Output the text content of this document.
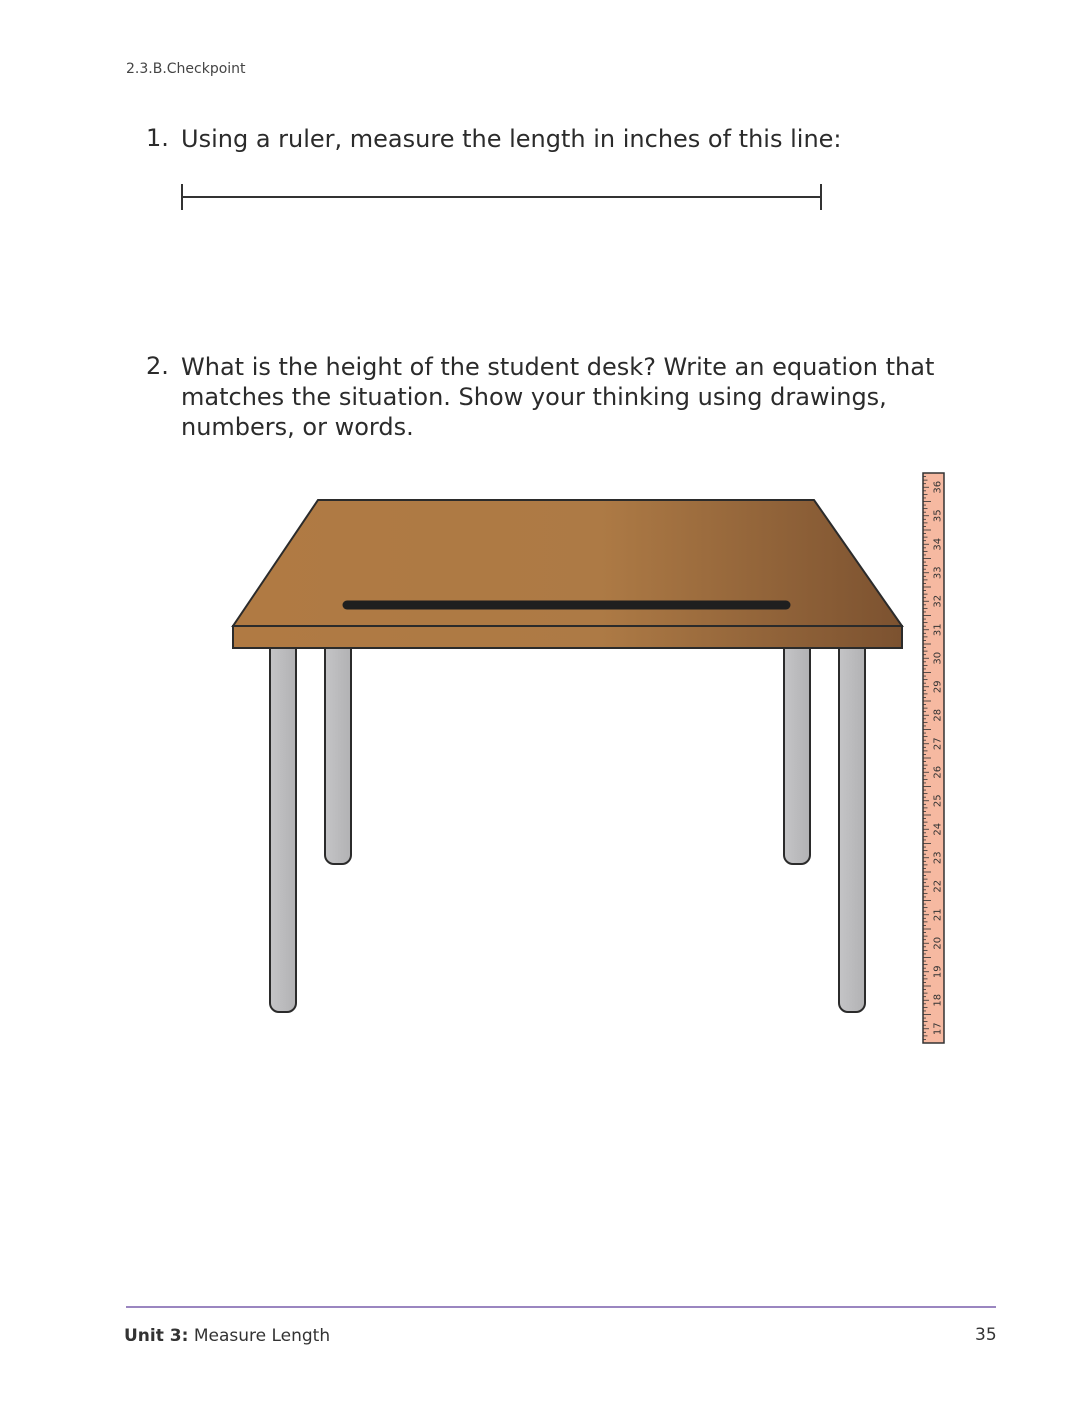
2.3.B.Checkpoint
1. Using a ruler, measure the length in inches of this line:
2. What is the height of the student desk? Write an equation that matches the situation. Show your thinking using drawings, numbers, or words.
36
35
34
33
32
31
30
29
28
27
26
25
24
23
22
21
20
19
18
17
Unit 3: Measure Length	35
